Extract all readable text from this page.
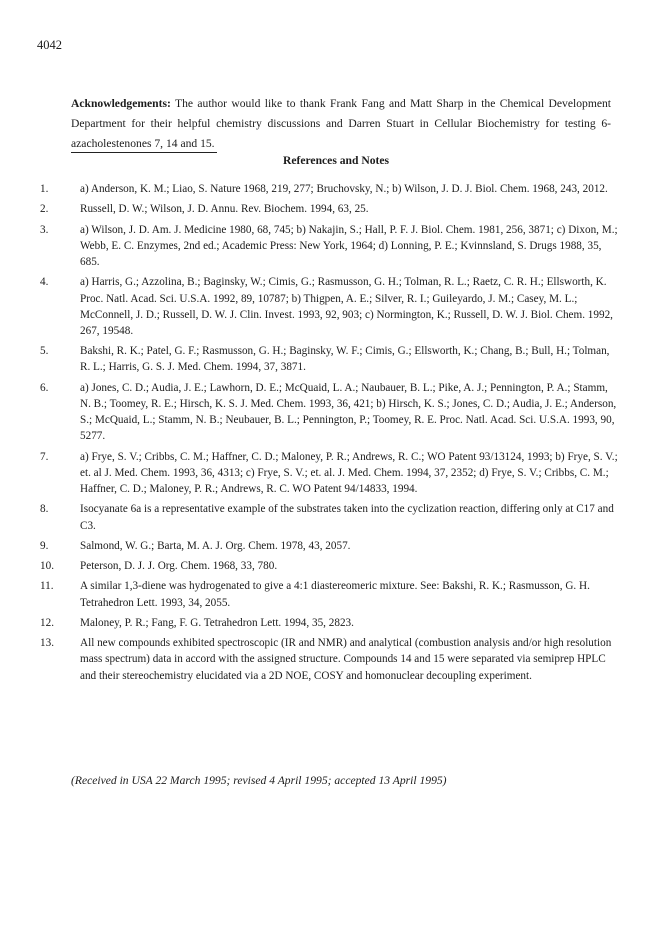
4042
Acknowledgements: The author would like to thank Frank Fang and Matt Sharp in the Chemical Development Department for their helpful chemistry discussions and Darren Stuart in Cellular Biochemistry for testing 6-azacholestenones 7, 14 and 15.
References and Notes
1.	a) Anderson, K. M.; Liao, S. Nature 1968, 219, 277; Bruchovsky, N.; b) Wilson, J. D. J. Biol. Chem. 1968, 243, 2012.
2.	Russell, D. W.; Wilson, J. D. Annu. Rev. Biochem. 1994, 63, 25.
3.	a) Wilson, J. D. Am. J. Medicine 1980, 68, 745; b) Nakajin, S.; Hall, P. F. J. Biol. Chem. 1981, 256, 3871; c) Dixon, M.; Webb, E. C. Enzymes, 2nd ed.; Academic Press: New York, 1964; d) Lonning, P. E.; Kvinnsland, S. Drugs 1988, 35, 685.
4.	a) Harris, G.; Azzolina, B.; Baginsky, W.; Cimis, G.; Rasmusson, G. H.; Tolman, R. L.; Raetz, C. R. H.; Ellsworth, K. Proc. Natl. Acad. Sci. U.S.A. 1992, 89, 10787; b) Thigpen, A. E.; Silver, R. I.; Guileyardo, J. M.; Casey, M. L.; McConnell, J. D.; Russell, D. W. J. Clin. Invest. 1993, 92, 903; c) Normington, K.; Russell, D. W. J. Biol. Chem. 1992, 267, 19548.
5.	Bakshi, R. K.; Patel, G. F.; Rasmusson, G. H.; Baginsky, W. F.; Cimis, G.; Ellsworth, K.; Chang, B.; Bull, H.; Tolman, R. L.; Harris, G. S. J. Med. Chem. 1994, 37, 3871.
6.	a) Jones, C. D.; Audia, J. E.; Lawhorn, D. E.; McQuaid, L. A.; Naubauer, B. L.; Pike, A. J.; Pennington, P. A.; Stamm, N. B.; Toomey, R. E.; Hirsch, K. S. J. Med. Chem. 1993, 36, 421; b) Hirsch, K. S.; Jones, C. D.; Audia, J. E.; Anderson, S.; McQuaid, L.; Stamm, N. B.; Neubauer, B. L.; Pennington, P.; Toomey, R. E. Proc. Natl. Acad. Sci. U.S.A. 1993, 90, 5277.
7.	a) Frye, S. V.; Cribbs, C. M.; Haffner, C. D.; Maloney, P. R.; Andrews, R. C.; WO Patent 93/13124, 1993; b) Frye, S. V.; et. al J. Med. Chem. 1993, 36, 4313; c) Frye, S. V.; et. al. J. Med. Chem. 1994, 37, 2352; d) Frye, S. V.; Cribbs, C. M.; Haffner, C. D.; Maloney, P. R.; Andrews, R. C. WO Patent 94/14833, 1994.
8.	Isocyanate 6a is a representative example of the substrates taken into the cyclization reaction, differing only at C17 and C3.
9.	Salmond, W. G.; Barta, M. A. J. Org. Chem. 1978, 43, 2057.
10. Peterson, D. J. J. Org. Chem. 1968, 33, 780.
11. A similar 1,3-diene was hydrogenated to give a 4:1 diastereomeric mixture. See: Bakshi, R. K.; Rasmusson, G. H. Tetrahedron Lett. 1993, 34, 2055.
12. Maloney, P. R.; Fang, F. G. Tetrahedron Lett. 1994, 35, 2823.
13. All new compounds exhibited spectroscopic (IR and NMR) and analytical (combustion analysis and/or high resolution mass spectrum) data in accord with the assigned structure. Compounds 14 and 15 were separated via semiprep HPLC and their stereochemistry elucidated via a 2D NOE, COSY and homonuclear decoupling experiment.
(Received in USA 22 March 1995; revised 4 April 1995; accepted 13 April 1995)
